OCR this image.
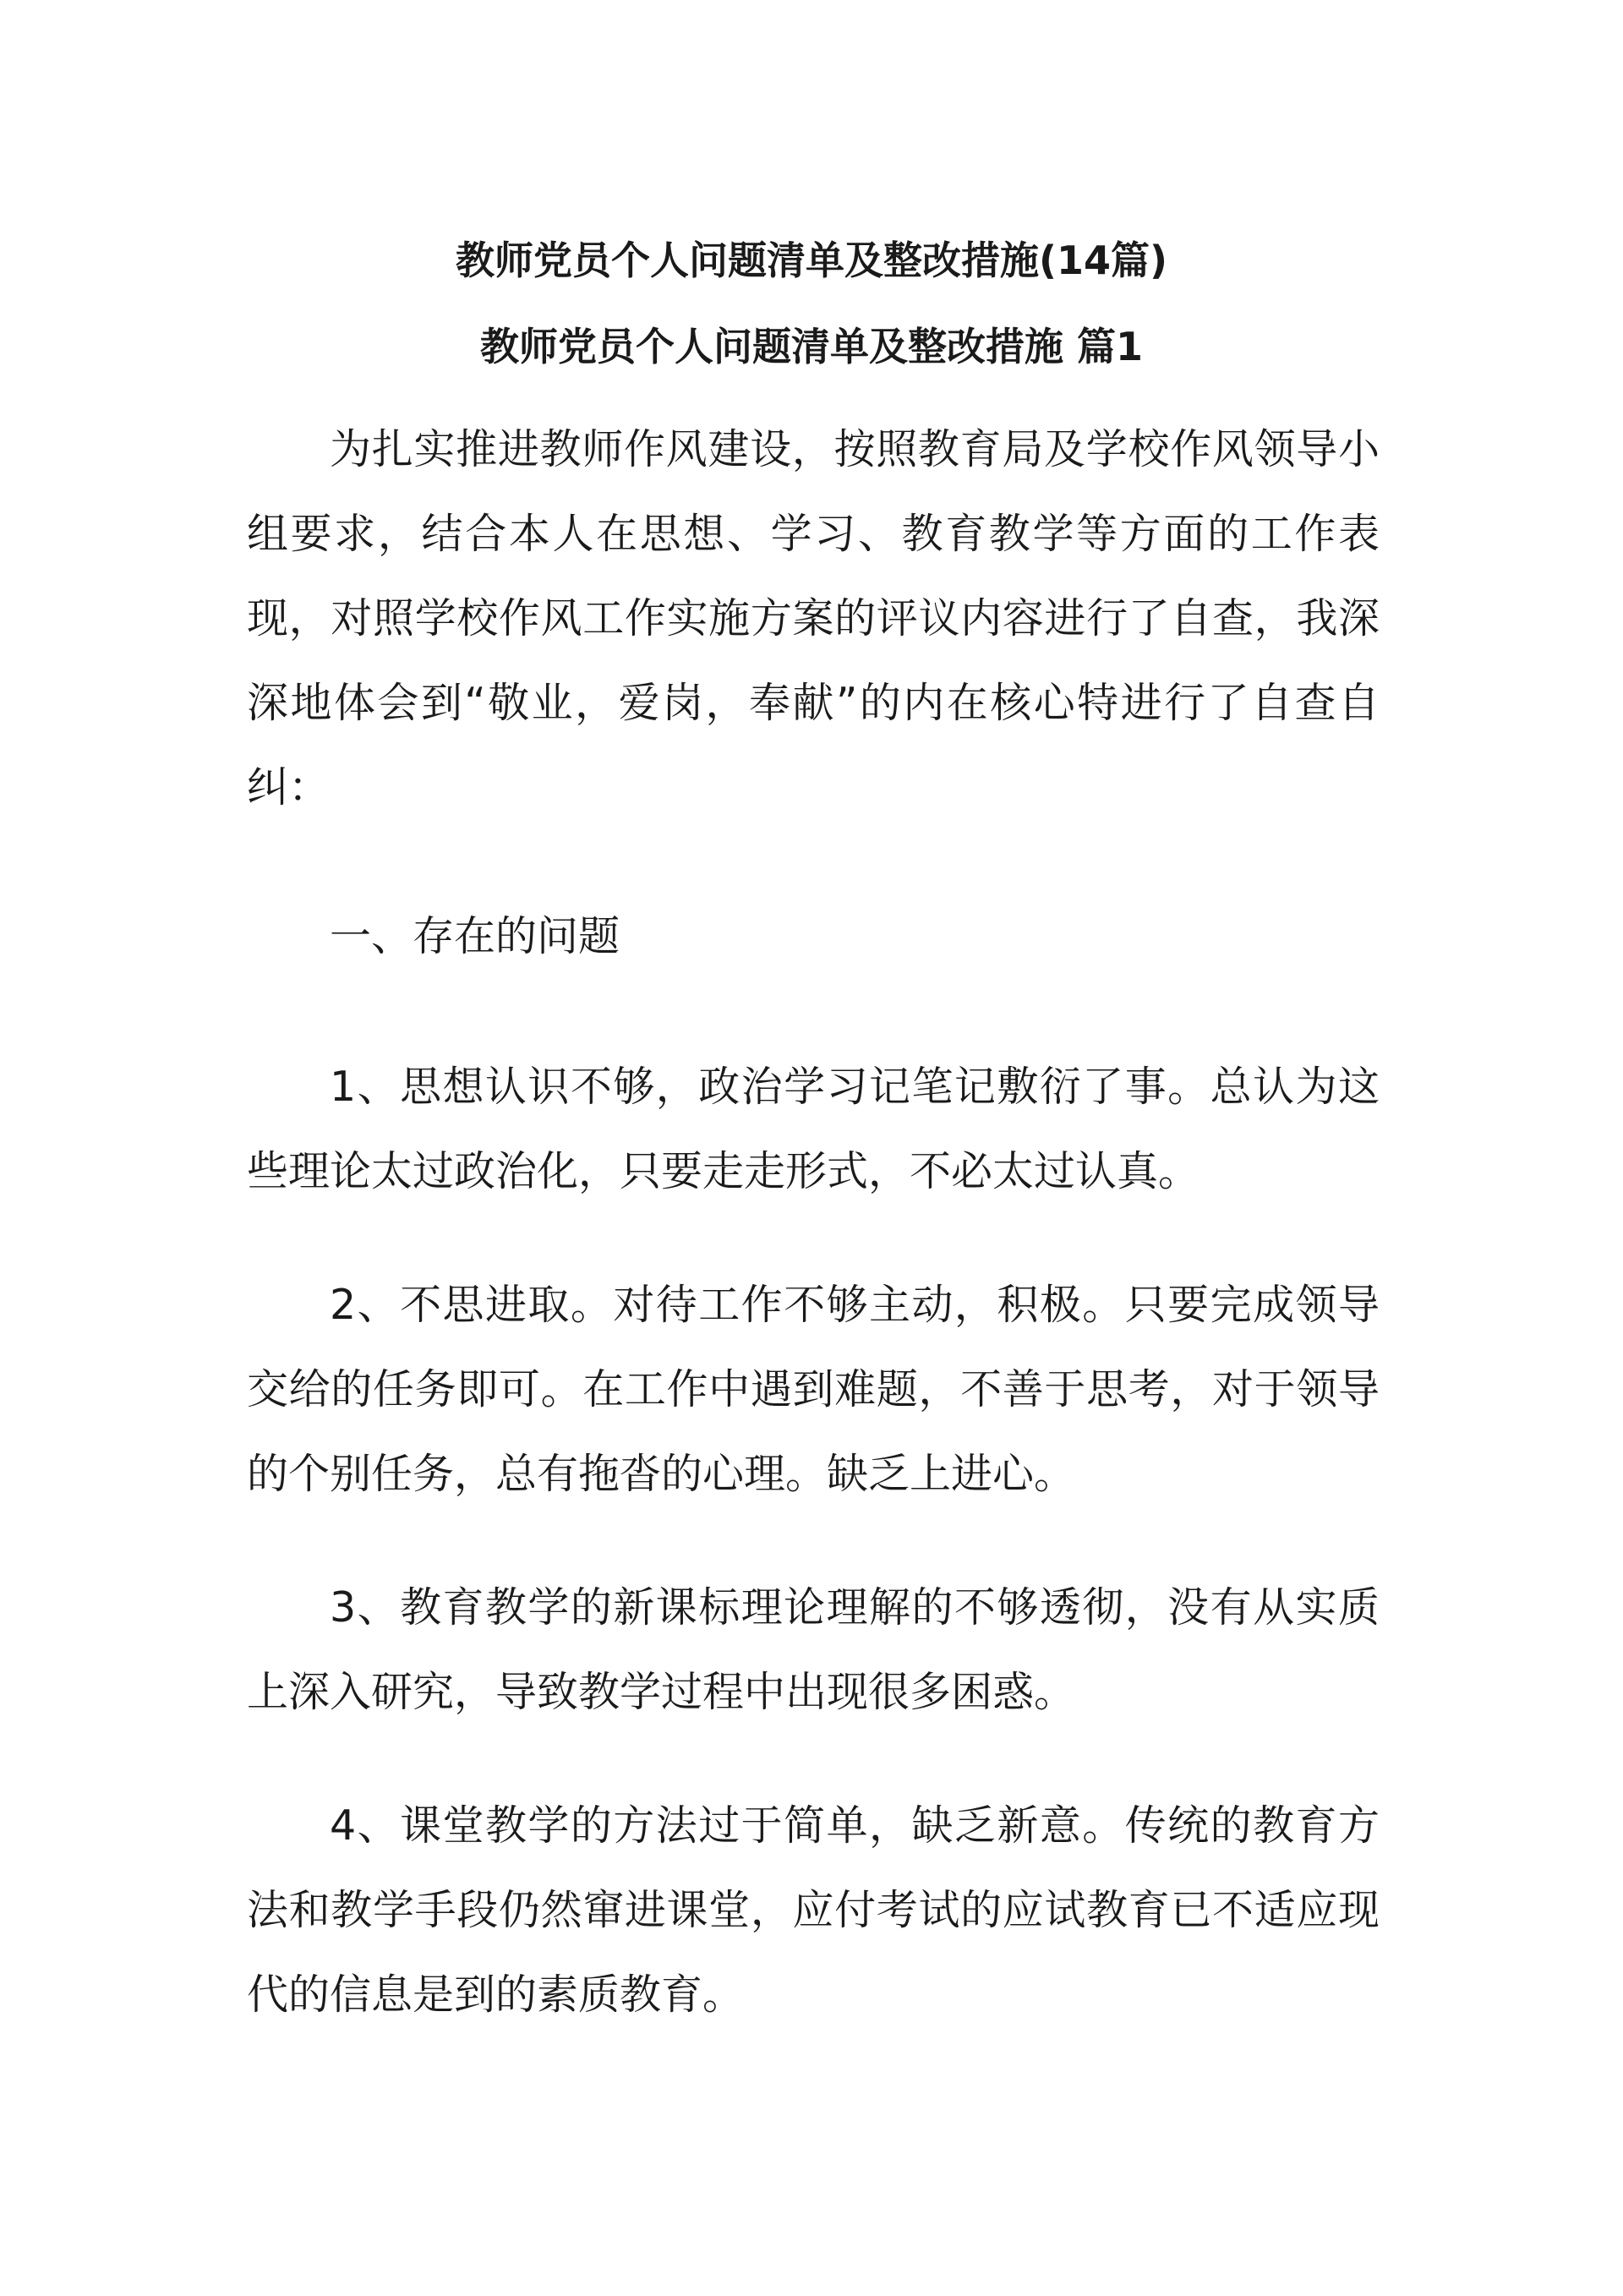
教师党员个人问题清单及整改措施(14篇)
教师党员个人问题清单及整改措施 篇1

为扎实推进教师作风建设，按照教育局及学校作风领导小组要求，结合本人在思想、学习、教育教学等方面的工作表现，对照学校作风工作实施方案的评议内容进行了自查，我深深地体会到“敬业，爱岗，奉献”的内在核心特进行了自查自纠：

一、存在的问题

1、思想认识不够，政治学习记笔记敷衍了事。总认为这些理论太过政治化，只要走走形式，不必太过认真。

2、不思进取。对待工作不够主动，积极。只要完成领导交给的任务即可。在工作中遇到难题，不善于思考，对于领导的个别任务，总有拖沓的心理。缺乏上进心。

3、教育教学的新课标理论理解的不够透彻，没有从实质上深入研究，导致教学过程中出现很多困惑。

4、课堂教学的方法过于简单，缺乏新意。传统的教育方法和教学手段仍然窜进课堂，应付考试的应试教育已不适应现代的信息是到的素质教育。
